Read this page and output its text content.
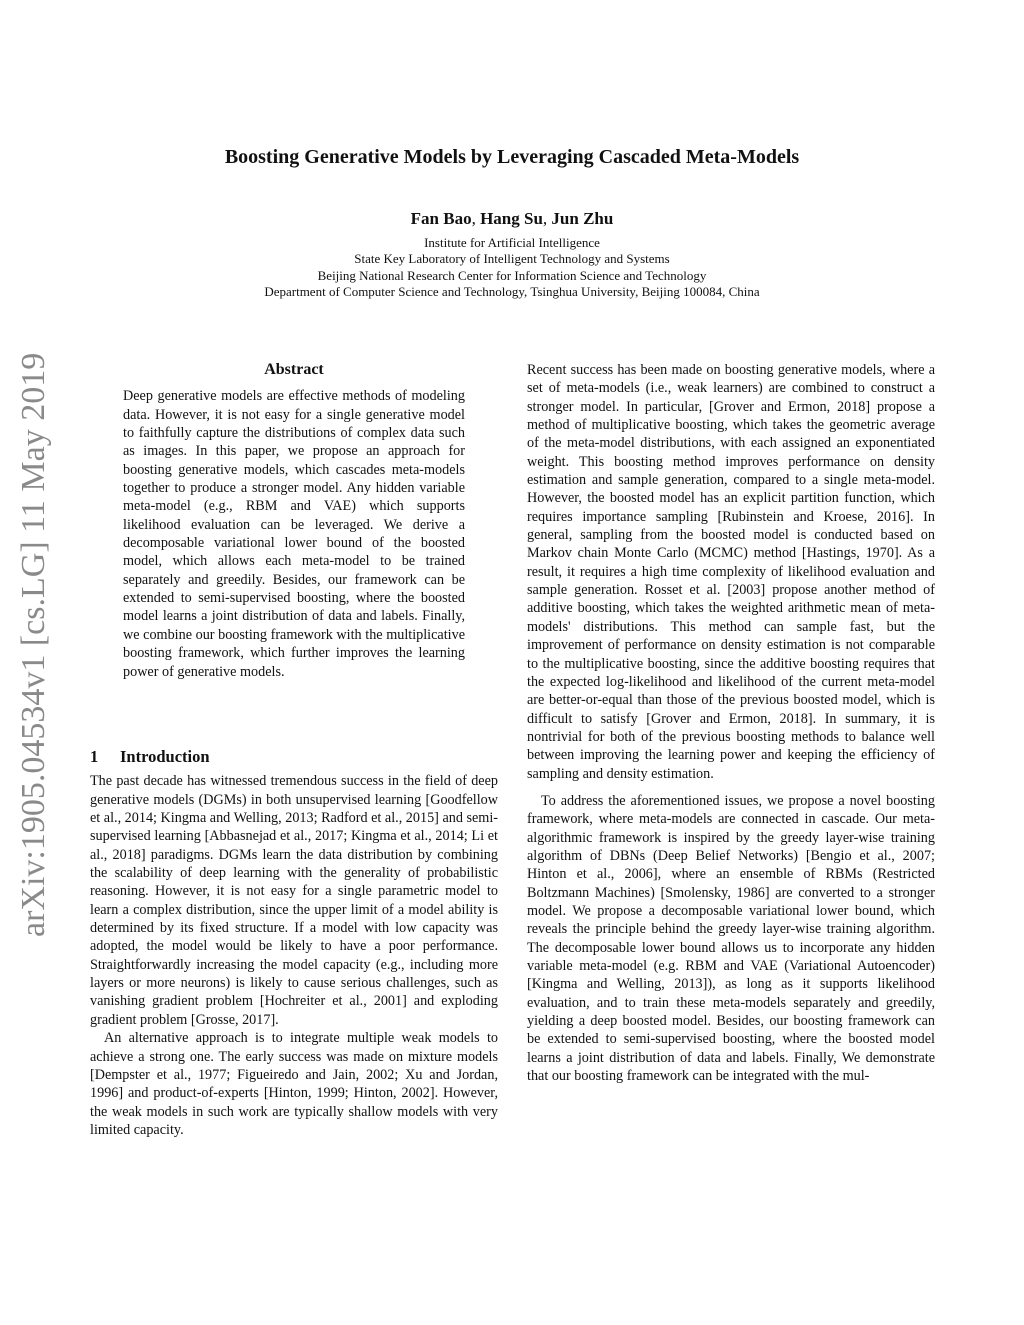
arXiv:1905.04534v1 [cs.LG] 11 May 2019
Boosting Generative Models by Leveraging Cascaded Meta-Models
Fan Bao, Hang Su, Jun Zhu
Institute for Artificial Intelligence
State Key Laboratory of Intelligent Technology and Systems
Beijing National Research Center for Information Science and Technology
Department of Computer Science and Technology, Tsinghua University, Beijing 100084, China
Abstract

Deep generative models are effective methods of modeling data. However, it is not easy for a single generative model to faithfully capture the distributions of complex data such as images. In this paper, we propose an approach for boosting generative models, which cascades meta-models together to produce a stronger model. Any hidden variable meta-model (e.g., RBM and VAE) which supports likelihood evaluation can be leveraged. We derive a decomposable variational lower bound of the boosted model, which allows each meta-model to be trained separately and greedily. Besides, our framework can be extended to semi-supervised boosting, where the boosted model learns a joint distribution of data and labels. Finally, we combine our boosting framework with the multiplicative boosting framework, which further improves the learning power of generative models.

1 Introduction

The past decade has witnessed tremendous success in the field of deep generative models (DGMs) in both unsupervised learning [Goodfellow et al., 2014; Kingma and Welling, 2013; Radford et al., 2015] and semi-supervised learning [Abbasnejad et al., 2017; Kingma et al., 2014; Li et al., 2018] paradigms. DGMs learn the data distribution by combining the scalability of deep learning with the generality of probabilistic reasoning. However, it is not easy for a single parametric model to learn a complex distribution, since the upper limit of a model ability is determined by its fixed structure. If a model with low capacity was adopted, the model would be likely to have a poor performance. Straightforwardly increasing the model capacity (e.g., including more layers or more neurons) is likely to cause serious challenges, such as vanishing gradient problem [Hochreiter et al., 2001] and exploding gradient problem [Grosse, 2017].

An alternative approach is to integrate multiple weak models to achieve a strong one. The early success was made on mixture models [Dempster et al., 1977; Figueiredo and Jain, 2002; Xu and Jordan, 1996] and product-of-experts [Hinton, 1999; Hinton, 2002]. However, the weak models in such work are typically shallow models with very limited capacity.

Recent success has been made on boosting generative models, where a set of meta-models (i.e., weak learners) are combined to construct a stronger model. In particular, [Grover and Ermon, 2018] propose a method of multiplicative boosting, which takes the geometric average of the meta-model distributions, with each assigned an exponentiated weight. This boosting method improves performance on density estimation and sample generation, compared to a single meta-model. However, the boosted model has an explicit partition function, which requires importance sampling [Rubinstein and Kroese, 2016]. In general, sampling from the boosted model is conducted based on Markov chain Monte Carlo (MCMC) method [Hastings, 1970]. As a result, it requires a high time complexity of likelihood evaluation and sample generation. Rosset et al. [2003] propose another method of additive boosting, which takes the weighted arithmetic mean of meta-models' distributions. This method can sample fast, but the improvement of performance on density estimation is not comparable to the multiplicative boosting, since the additive boosting requires that the expected log-likelihood and likelihood of the current meta-model are better-or-equal than those of the previous boosted model, which is difficult to satisfy [Grover and Ermon, 2018]. In summary, it is nontrivial for both of the previous boosting methods to balance well between improving the learning power and keeping the efficiency of sampling and density estimation.

To address the aforementioned issues, we propose a novel boosting framework, where meta-models are connected in cascade. Our meta-algorithmic framework is inspired by the greedy layer-wise training algorithm of DBNs (Deep Belief Networks) [Bengio et al., 2007; Hinton et al., 2006], where an ensemble of RBMs (Restricted Boltzmann Machines) [Smolensky, 1986] are converted to a stronger model. We propose a decomposable variational lower bound, which reveals the principle behind the greedy layer-wise training algorithm. The decomposable lower bound allows us to incorporate any hidden variable meta-model (e.g. RBM and VAE (Variational Autoencoder) [Kingma and Welling, 2013]), as long as it supports likelihood evaluation, and to train these meta-models separately and greedily, yielding a deep boosted model. Besides, our boosting framework can be extended to semi-supervised boosting, where the boosted model learns a joint distribution of data and labels. Finally, We demonstrate that our boosting framework can be integrated with the mul-
